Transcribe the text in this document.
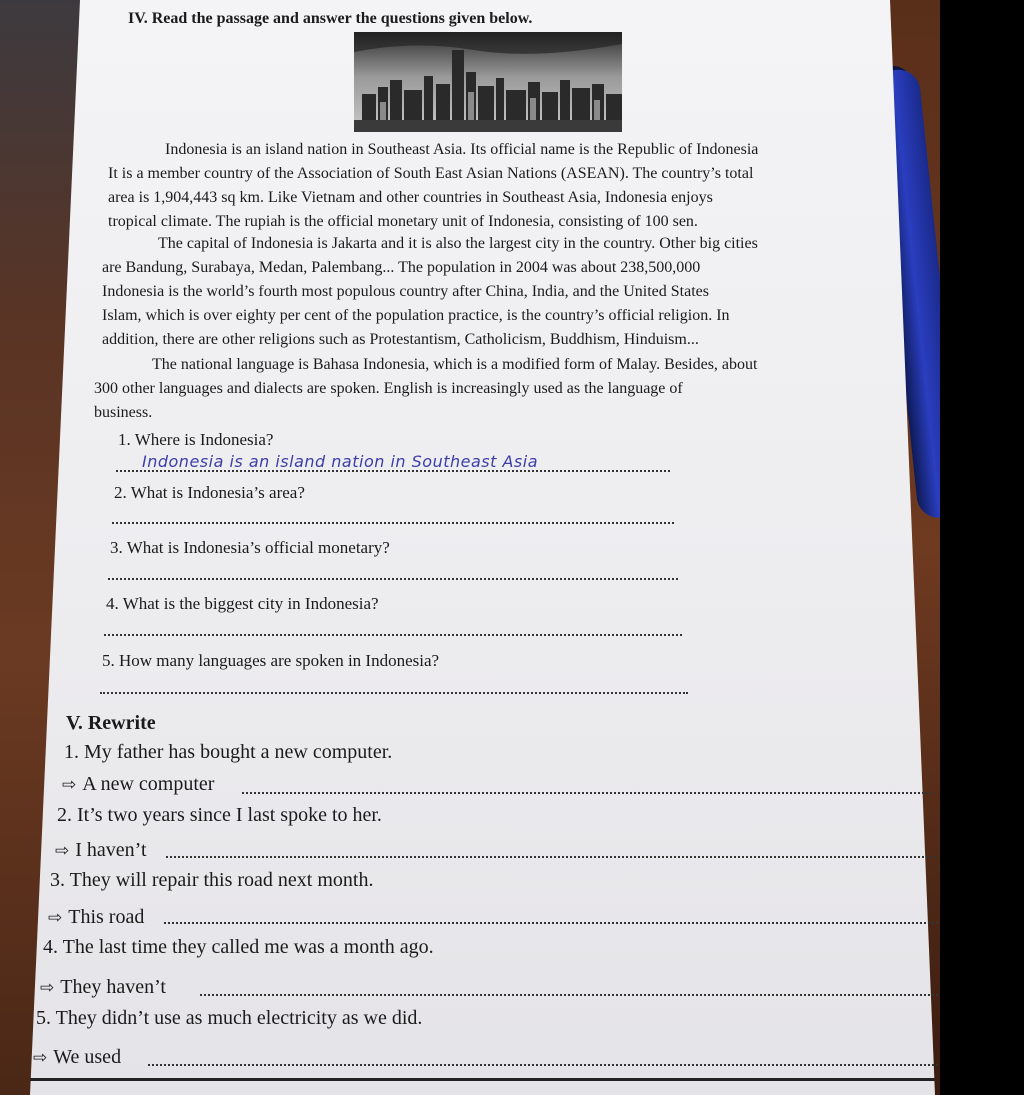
IV. Read the passage and answer the questions given below.
Indonesia is an island nation in Southeast Asia. Its official name is the Republic of Indonesia
It is a member country of the Association of South East Asian Nations (ASEAN). The country’s total
area is 1,904,443 sq km. Like Vietnam and other countries in Southeast Asia, Indonesia enjoys
tropical climate. The rupiah is the official monetary unit of Indonesia, consisting of 100 sen.
The capital of Indonesia is Jakarta and it is also the largest city in the country. Other big cities
are Bandung, Surabaya, Medan, Palembang... The population in 2004 was about 238,500,000
Indonesia is the world’s fourth most populous country after China, India, and the United States
Islam, which is over eighty per cent of the population practice, is the country’s official religion. In
addition, there are other religions such as Protestantism, Catholicism, Buddhism, Hinduism...
The national language is Bahasa Indonesia, which is a modified form of Malay. Besides, about
300 other languages and dialects are spoken. English is increasingly used as the language of
business.
1. Where is Indonesia?
Indonesia is an island nation in Southeast Asia
2. What is Indonesia’s area?
3. What is Indonesia’s official monetary?
4. What is the biggest city in Indonesia?
5. How many languages are spoken in Indonesia?
V. Rewrite
1. My father has bought a new computer.
⇨ A new computer
2. It’s two years since I last spoke to her.
⇨ I haven’t
3. They will repair this road next month.
⇨ This road
4. The last time they called me was a month ago.
⇨ They haven’t
5. They didn’t use as much electricity as we did.
⇨ We used
